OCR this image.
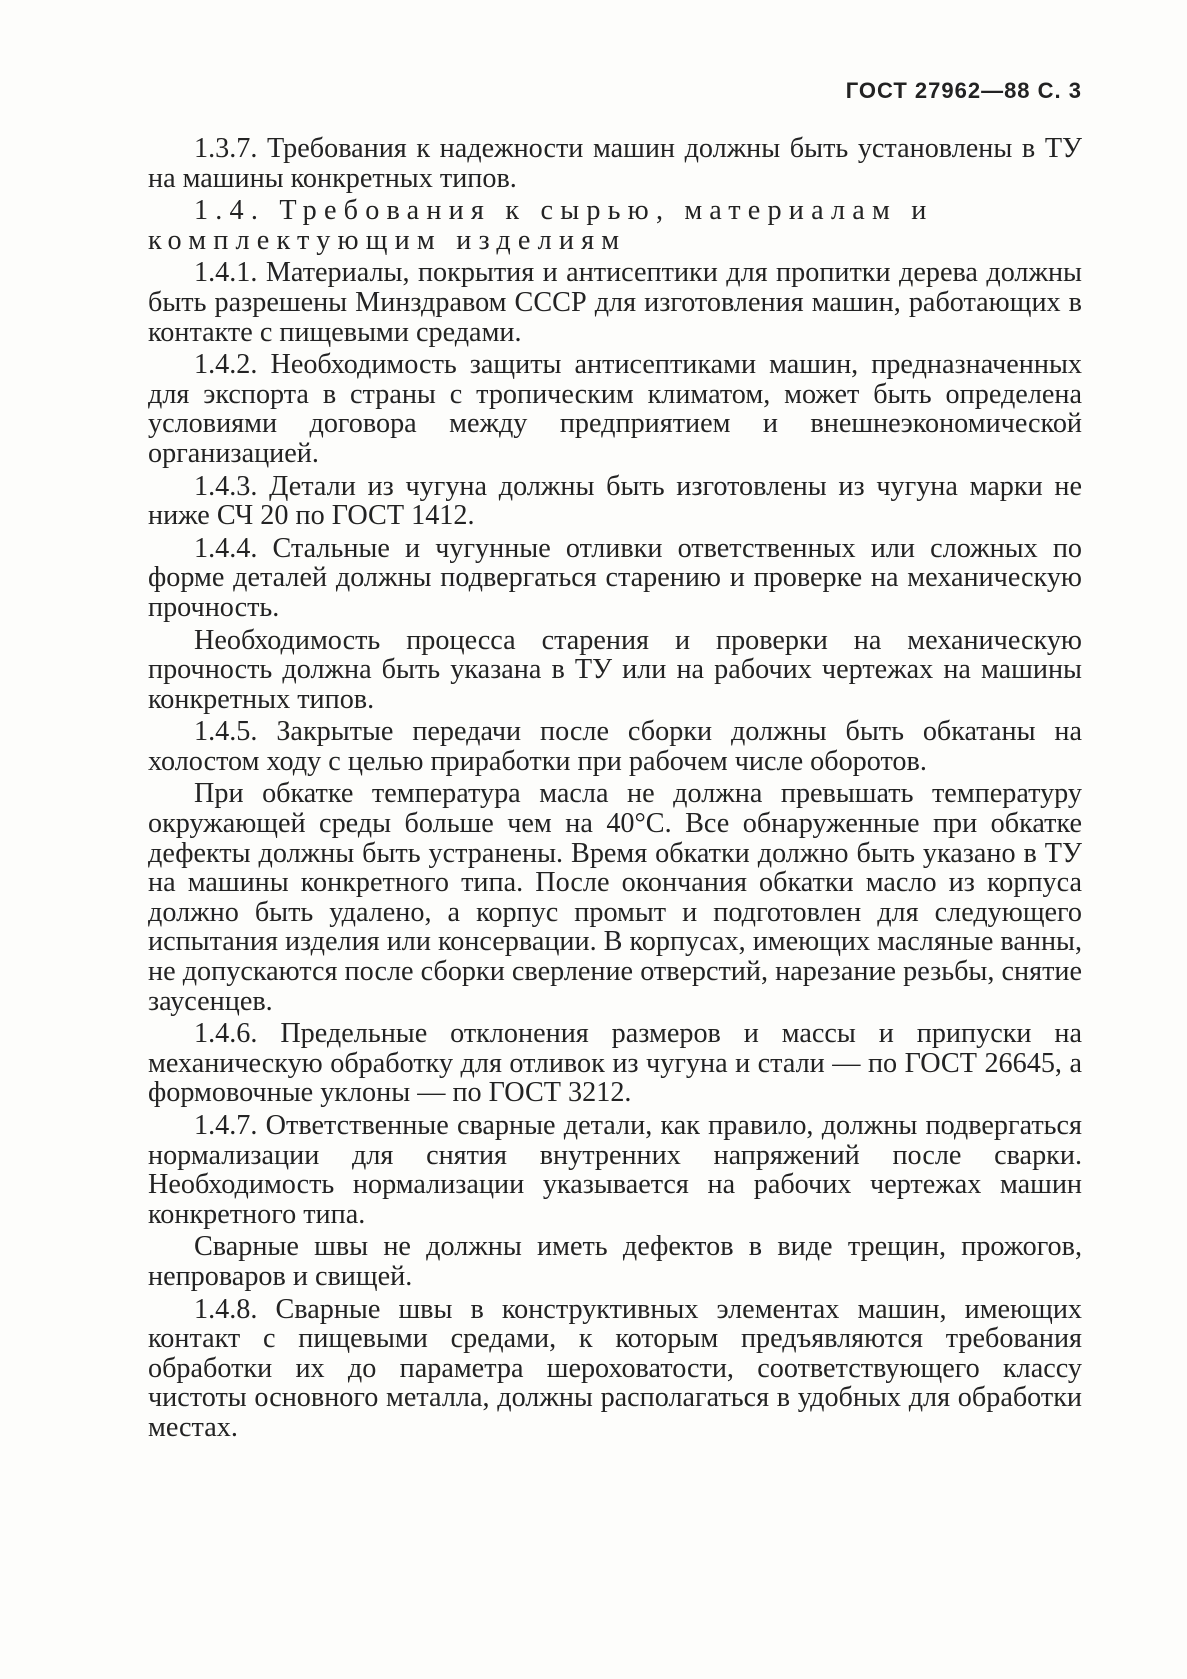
ГОСТ 27962—88 С. 3

1.3.7. Требования к надежности машин должны быть установлены в ТУ на машины конкретных типов.

1.4. Требования к сырью, материалам и комплектующим изделиям

1.4.1. Материалы, покрытия и антисептики для пропитки дерева должны быть разрешены Минздравом СССР для изготовления машин, работающих в контакте с пищевыми средами.

1.4.2. Необходимость защиты антисептиками машин, предназначенных для экспорта в страны с тропическим климатом, может быть определена условиями договора между предприятием и внешнеэкономической организацией.

1.4.3. Детали из чугуна должны быть изготовлены из чугуна марки не ниже СЧ 20 по ГОСТ 1412.

1.4.4. Стальные и чугунные отливки ответственных или сложных по форме деталей должны подвергаться старению и проверке на механическую прочность.

Необходимость процесса старения и проверки на механическую прочность должна быть указана в ТУ или на рабочих чертежах на машины конкретных типов.

1.4.5. Закрытые передачи после сборки должны быть обкатаны на холостом ходу с целью приработки при рабочем числе оборотов.

При обкатке температура масла не должна превышать температуру окружающей среды больше чем на 40°С. Все обнаруженные при обкатке дефекты должны быть устранены. Время обкатки должно быть указано в ТУ на машины конкретного типа. После окончания обкатки масло из корпуса должно быть удалено, а корпус промыт и подготовлен для следующего испытания изделия или консервации. В корпусах, имеющих масляные ванны, не допускаются после сборки сверление отверстий, нарезание резьбы, снятие заусенцев.

1.4.6. Предельные отклонения размеров и массы и припуски на механическую обработку для отливок из чугуна и стали — по ГОСТ 26645, а формовочные уклоны — по ГОСТ 3212.

1.4.7. Ответственные сварные детали, как правило, должны подвергаться нормализации для снятия внутренних напряжений после сварки. Необходимость нормализации указывается на рабочих чертежах машин конкретного типа.

Сварные швы не должны иметь дефектов в виде трещин, прожогов, непроваров и свищей.

1.4.8. Сварные швы в конструктивных элементах машин, имеющих контакт с пищевыми средами, к которым предъявляются требования обработки их до параметра шероховатости, соответствующего классу чистоты основного металла, должны располагаться в удобных для обработки местах.
